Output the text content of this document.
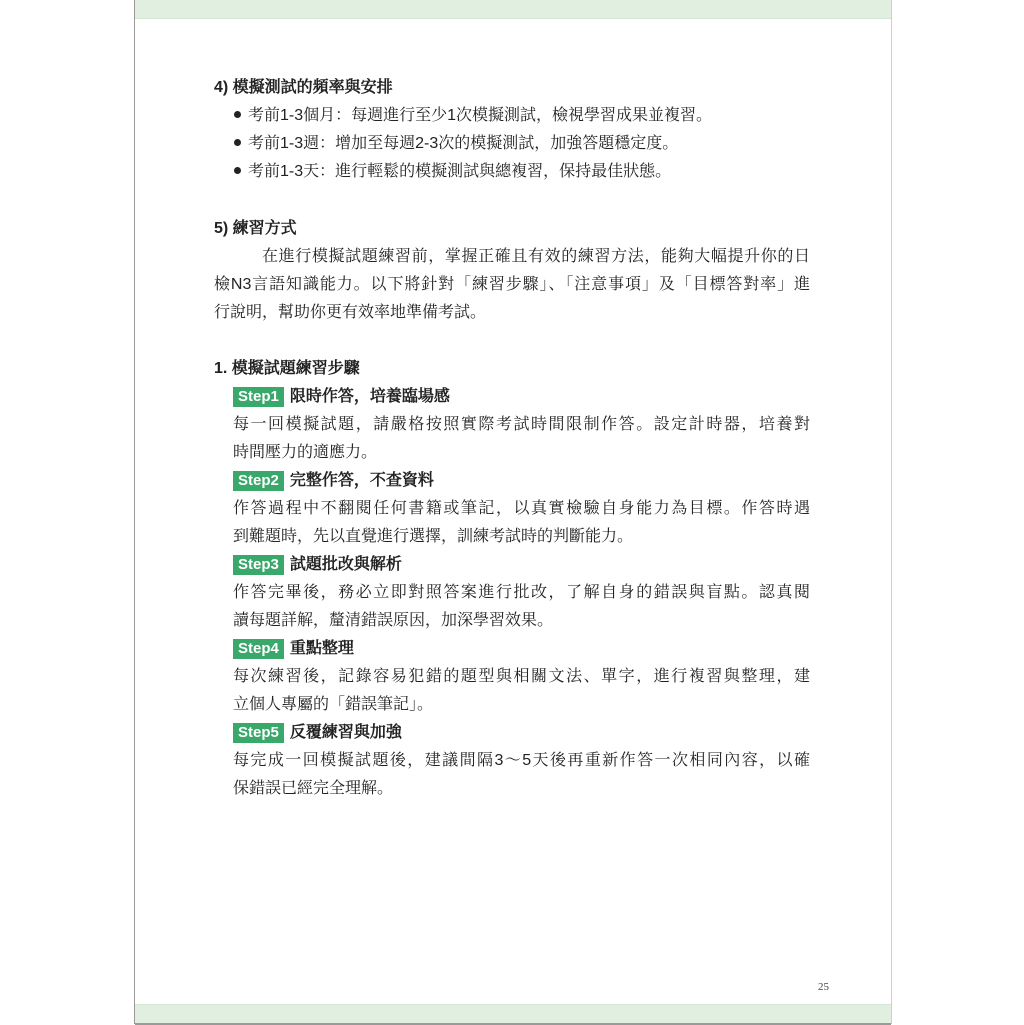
4) 模擬測試的頻率與安排
考前1-3個月：每週進行至少1次模擬測試，檢視學習成果並複習。
考前1-3週：增加至每週2-3次的模擬測試，加強答題穩定度。
考前1-3天：進行輕鬆的模擬測試與總複習，保持最佳狀態。
5) 練習方式
在進行模擬試題練習前，掌握正確且有效的練習方法，能夠大幅提升你的日
檢N3言語知識能力。以下將針對「練習步驟」、「注意事項」及「目標答對率」進
行說明，幫助你更有效率地準備考試。
1. 模擬試題練習步驟
Step1 限時作答，培養臨場感
每一回模擬試題，請嚴格按照實際考試時間限制作答。設定計時器，培養對
時間壓力的適應力。
Step2 完整作答，不查資料
作答過程中不翻閱任何書籍或筆記，以真實檢驗自身能力為目標。作答時遇
到難題時，先以直覺進行選擇，訓練考試時的判斷能力。
Step3 試題批改與解析
作答完畢後，務必立即對照答案進行批改，了解自身的錯誤與盲點。認真閱
讀每題詳解，釐清錯誤原因，加深學習效果。
Step4 重點整理
每次練習後，記錄容易犯錯的題型與相關文法、單字，進行複習與整理，建
立個人專屬的「錯誤筆記」。
Step5 反覆練習與加強
每完成一回模擬試題後，建議間隔3～5天後再重新作答一次相同內容，以確
保錯誤已經完全理解。
25
